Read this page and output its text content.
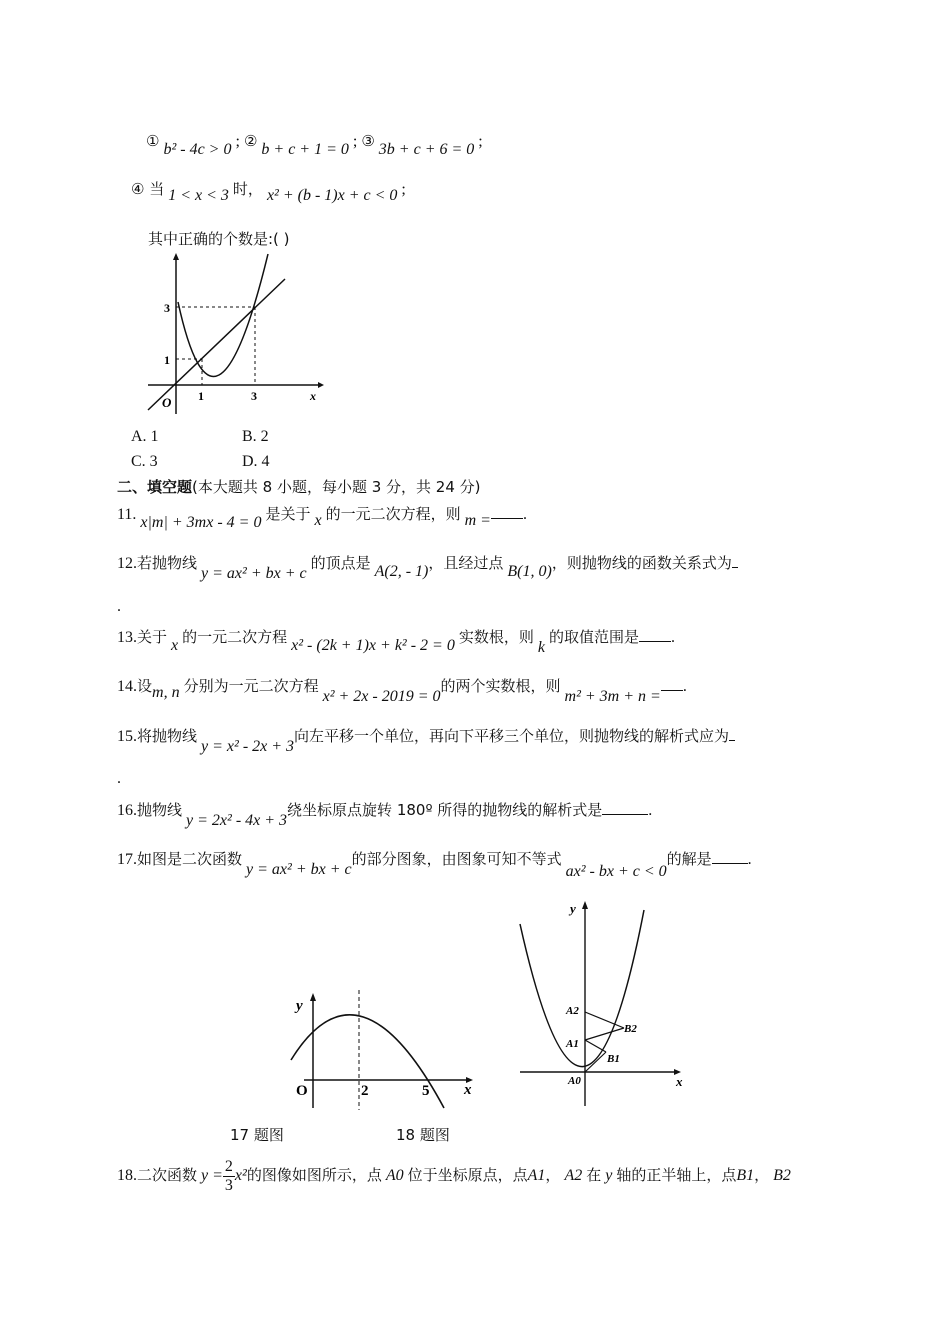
① b² - 4c > 0 ; ② b + c + 1 = 0 ; ③ 3b + c + 6 = 0 ;
④ 当 1 < x < 3 时， x² + (b - 1)x + c < 0 ;
其中正确的个数是:( )
3
1
O 1	3	x
A. 1	B. 2
C. 3	D. 4
二、填空题(本大题共 8 小题，每小题 3 分，共 24 分)
11. x|m| + 3mx - 4 = 0 是关于 x 的一元二次方程，则 m = .
12.若抛物线 y = ax² + bx + c 的顶点是 A(2, - 1)，且经过点 B(1, 0)，则抛物线的函数关系式为
.
13.关于 x 的一元二次方程 x² - (2k + 1)x + k² - 2 = 0 实数根，则 k 的取值范围是 .
14.设m, n 分别为一元二次方程 x² + 2x - 2019 = 0的两个实数根，则 m² + 3m + n =.
15.将抛物线 y = x² - 2x + 3向左平移一个单位，再向下平移三个单位，则抛物线的解析式应为
.
16.抛物线 y = 2x² - 4x + 3绕坐标原点旋转 180º 所得的抛物线的解析式是	.
17.如图是二次函数 y = ax² + bx + c的部分图象，由图象可知不等式 ax² - bx + c < 0的解是 .
y
O	2	5 x
y
x
A2
A1
A0
B2
B1
17 题图	18 题图
18.二次函数 $y = \frac{2}{3} x^2$的图像如图所示，点 A0 位于坐标原点，点A1， A2 在 y 轴的正半轴上，点B1， B2
